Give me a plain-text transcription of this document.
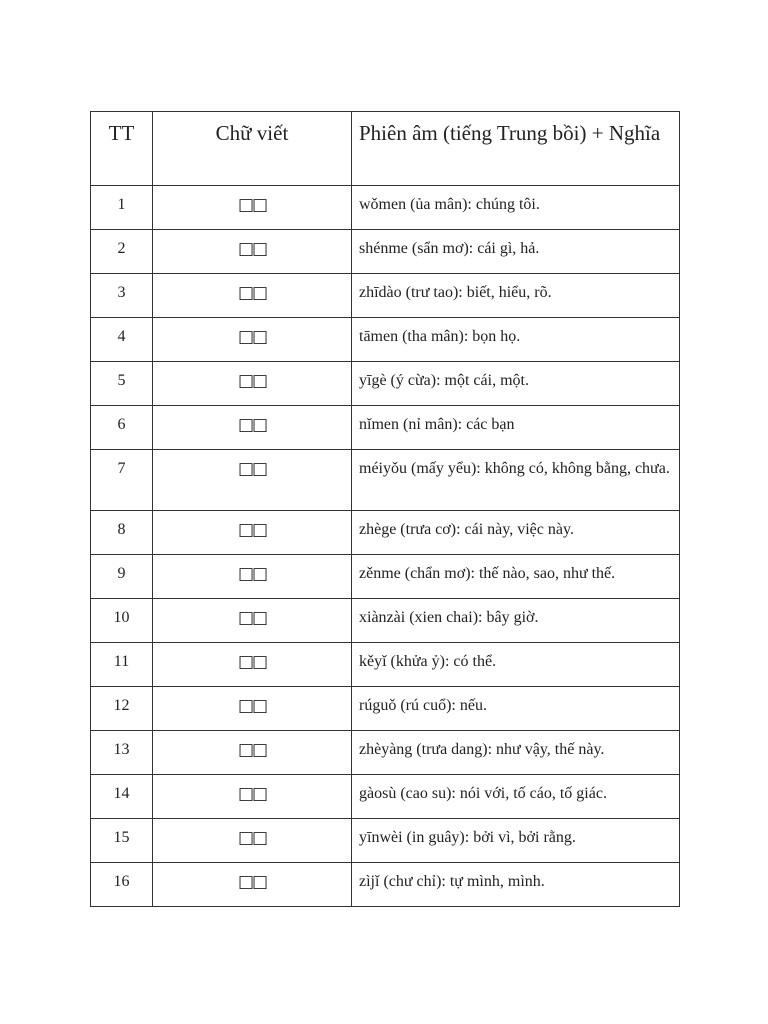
TT	Chữ viết	Phiên âm (tiếng Trung bồi) + Nghĩa
1	□□	wǒmen (ủa mân): chúng tôi.
2	□□	shénme (sẩn mơ): cái gì, hả.
3	□□	zhīdào (trư tao): biết, hiểu, rõ.
4	□□	tāmen (tha mân): bọn họ.
5	□□	yīgè (ý cừa): một cái, một.
6	□□	nǐmen (nỉ mân): các bạn
7	□□	méiyǒu (mấy yểu): không có, không bằng, chưa.
8	□□	zhège (trưa cơ): cái này, việc này.
9	□□	zěnme (chẩn mơ): thế nào, sao, như thế.
10	□□	xiànzài (xien chai): bây giờ.
11	□□	kěyǐ (khửa ỷ): có thể.
12	□□	rúguǒ (rú cuổ): nếu.
13	□□	zhèyàng (trưa dang): như vậy, thế này.
14	□□	gàosù (cao su): nói với, tố cáo, tố giác.
15	□□	yīnwèi (in guây): bởi vì, bởi rằng.
16	□□	zìjǐ (chư chỉ): tự mình, mình.
